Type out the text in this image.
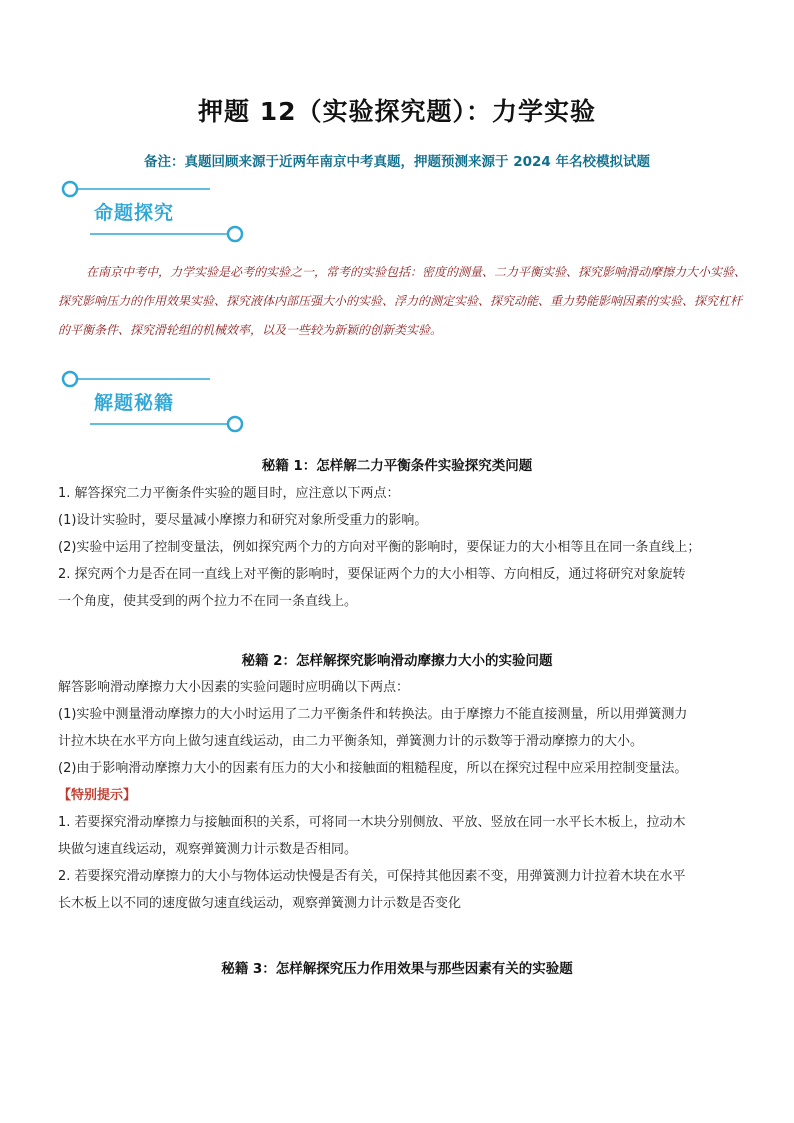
押题 12（实验探究题）：力学实验
备注：真题回顾来源于近两年南京中考真题，押题预测来源于 2024 年名校模拟试题
命题探究

在南京中考中，力学实验是必考的实验之一，常考的实验包括：密度的测量、二力平衡实验、探究影响滑动摩擦力大小实验、探究影响压力的作用效果实验、探究液体内部压强大小的实验、浮力的测定实验、探究动能、重力势能影响因素的实验、探究杠杆的平衡条件、探究滑轮组的机械效率，以及一些较为新颖的创新类实验。

解题秘籍
秘籍 1：怎样解二力平衡条件实验探究类问题

1. 解答探究二力平衡条件实验的题目时，应注意以下两点：

(1)设计实验时，要尽量减小摩擦力和研究对象所受重力的影响。

(2)实验中运用了控制变量法，例如探究两个力的方向对平衡的影响时，要保证力的大小相等且在同一条直线上；

2. 探究两个力是否在同一直线上对平衡的影响时，要保证两个力的大小相等、方向相反，通过将研究对象旋转

一个角度，使其受到的两个拉力不在同一条直线上。

秘籍 2：怎样解探究影响滑动摩擦力大小的实验问题

解答影响滑动摩擦力大小因素的实验问题时应明确以下两点：

(1)实验中测量滑动摩擦力的大小时运用了二力平衡条件和转换法。由于摩擦力不能直接测量，所以用弹簧测力

计拉木块在水平方向上做匀速直线运动，由二力平衡条知，弹簧测力计的示数等于滑动摩擦力的大小。

(2)由于影响滑动摩擦力大小的因素有压力的大小和接触面的粗糙程度，所以在探究过程中应采用控制变量法。

【特别提示】

1. 若要探究滑动摩擦力与接触面积的关系，可将同一木块分别侧放、平放、竖放在同一水平长木板上，拉动木

块做匀速直线运动，观察弹簧测力计示数是否相同。

2. 若要探究滑动摩擦力的大小与物体运动快慢是否有关，可保持其他因素不变，用弹簧测力计拉着木块在水平

长木板上以不同的速度做匀速直线运动，观察弹簧测力计示数是否变化

秘籍 3：怎样解探究压力作用效果与那些因素有关的实验题
